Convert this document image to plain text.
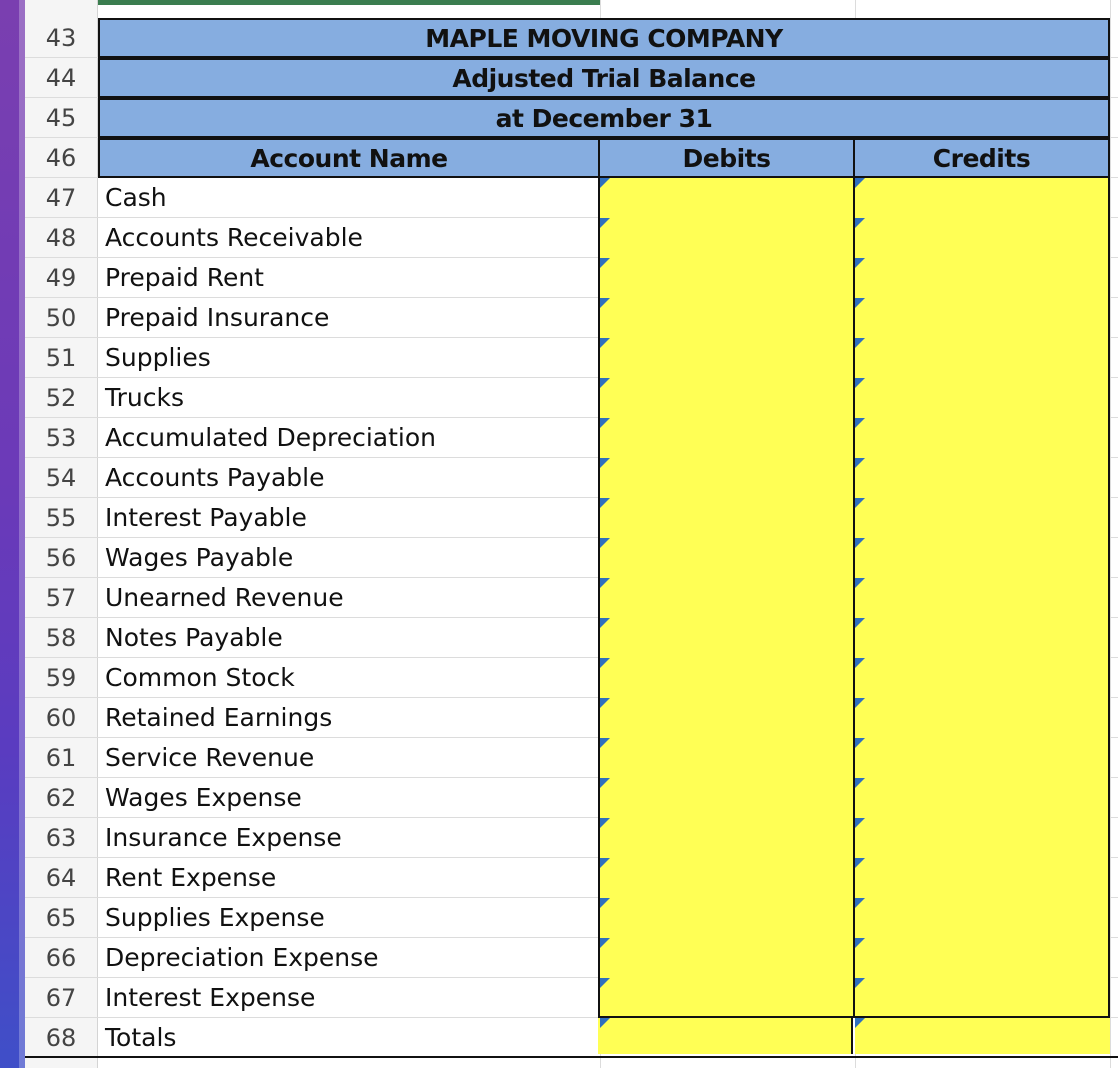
43
44
45
46
MAPLE MOVING COMPANY
Adjusted Trial Balance
at December 31
Account Name	Debits	Credits
47	Cash
48	Accounts Receivable
49	Prepaid Rent
50	Prepaid Insurance
51	Supplies
52	Trucks
53	Accumulated Depreciation
54	Accounts Payable
55	Interest Payable
56	Wages Payable
57	Unearned Revenue
58	Notes Payable
59	Common Stock
60	Retained Earnings
61	Service Revenue
62	Wages Expense
63	Insurance Expense
64	Rent Expense
65	Supplies Expense
66	Depreciation Expense
67	Interest Expense
68	Totals
